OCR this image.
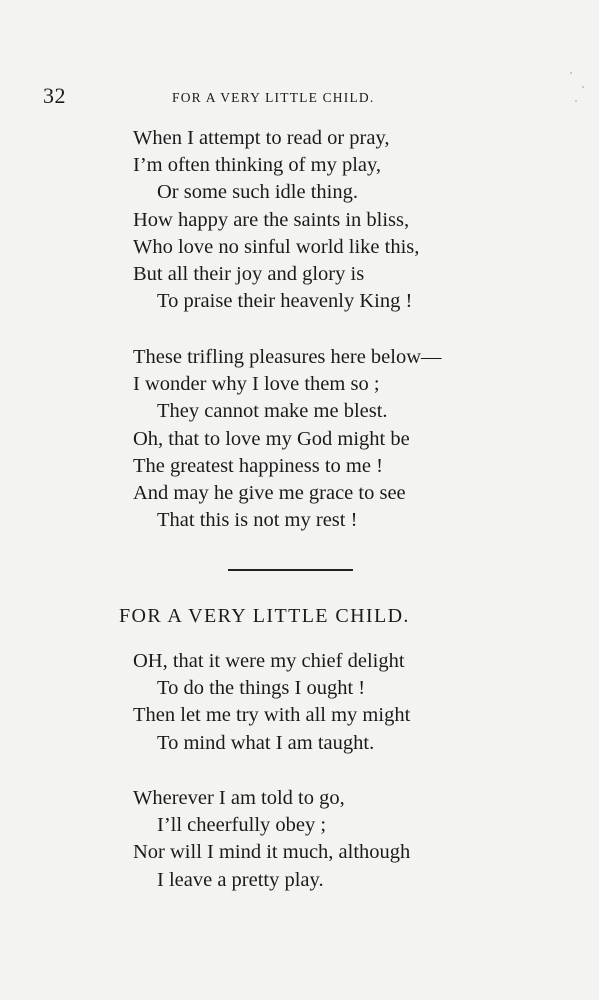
32	FOR A VERY LITTLE CHILD.
When I attempt to read or pray,
I’m often thinking of my play,
Or some such idle thing.
How happy are the saints in bliss,
Who love no sinful world like this,
But all their joy and glory is
To praise their heavenly King !
These trifling pleasures here below—
I wonder why I love them so ;
They cannot make me blest.
Oh, that to love my God might be
The greatest happiness to me !
And may he give me grace to see
That this is not my rest !
FOR A VERY LITTLE CHILD.
OH, that it were my chief delight
To do the things I ought !
Then let me try with all my might
To mind what I am taught.
Wherever I am told to go,
I’ll cheerfully obey ;
Nor will I mind it much, although
I leave a pretty play.
